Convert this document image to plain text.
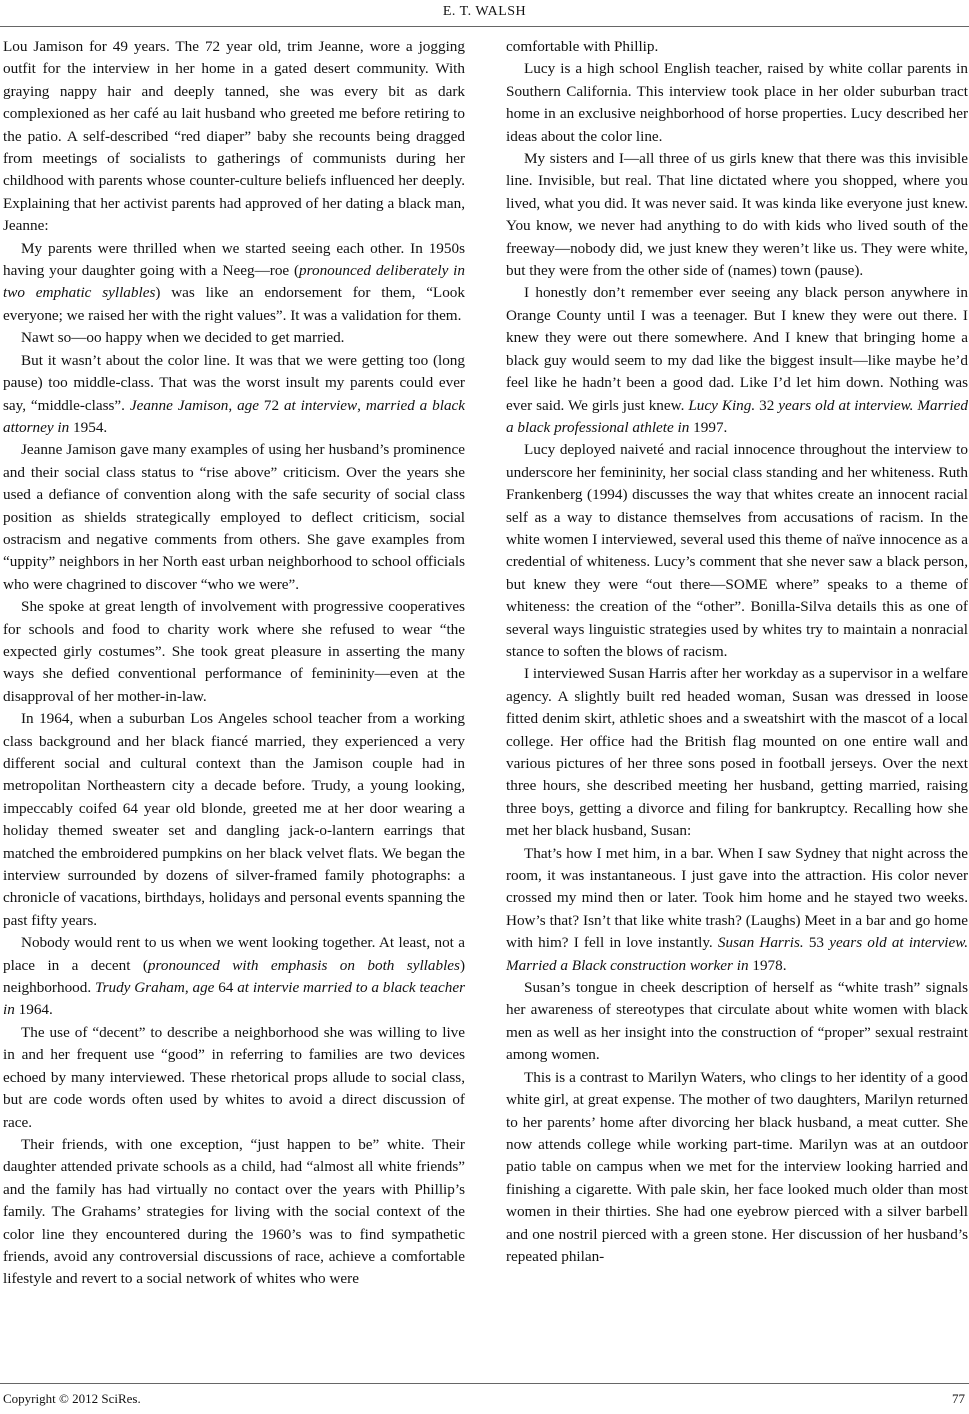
E. T. WALSH

Lou Jamison for 49 years. The 72 year old, trim Jeanne, wore a jogging outfit for the interview in her home in a gated desert community. With graying nappy hair and deeply tanned, she was every bit as dark complexioned as her café au lait husband who greeted me before retiring to the patio. A self-described “red diaper” baby she recounts being dragged from meetings of socialists to gatherings of communists during her childhood with parents whose counter-culture beliefs influenced her deeply. Explaining that her activist parents had approved of her dating a black man, Jeanne:

My parents were thrilled when we started seeing each other. In 1950s having your daughter going with a Neeg—roe (pronounced deliberately in two emphatic syllables) was like an endorsement for them, “Look everyone; we raised her with the right values”. It was a validation for them.

Nawt so—oo happy when we decided to get married.

But it wasn’t about the color line. It was that we were getting too (long pause) too middle-class. That was the worst insult my parents could ever say, “middle-class”. Jeanne Jamison, age 72 at interview, married a black attorney in 1954.

Jeanne Jamison gave many examples of using her husband’s prominence and their social class status to “rise above” criticism. Over the years she used a defiance of convention along with the safe security of social class position as shields strategically employed to deflect criticism, social ostracism and negative comments from others. She gave examples from “uppity” neighbors in her North east urban neighborhood to school officials who were chagrined to discover “who we were”.

She spoke at great length of involvement with progressive cooperatives for schools and food to charity work where she refused to wear “the expected girly costumes”. She took great pleasure in asserting the many ways she defied conventional performance of femininity—even at the disapproval of her mother-in-law.

In 1964, when a suburban Los Angeles school teacher from a working class background and her black fiancé married, they experienced a very different social and cultural context than the Jamison couple had in metropolitan Northeastern city a decade before. Trudy, a young looking, impeccably coifed 64 year old blonde, greeted me at her door wearing a holiday themed sweater set and dangling jack-o-lantern earrings that matched the embroidered pumpkins on her black velvet flats. We began the interview surrounded by dozens of silver-framed family photographs: a chronicle of vacations, birthdays, holidays and personal events spanning the past fifty years.

Nobody would rent to us when we went looking together. At least, not a place in a decent (pronounced with emphasis on both syllables) neighborhood. Trudy Graham, age 64 at intervie married to a black teacher in 1964.

The use of “decent” to describe a neighborhood she was willing to live in and her frequent use “good” in referring to families are two devices echoed by many interviewed. These rhetorical props allude to social class, but are code words often used by whites to avoid a direct discussion of race.

Their friends, with one exception, “just happen to be” white. Their daughter attended private schools as a child, had “almost all white friends” and the family has had virtually no contact over the years with Phillip’s family. The Grahams’ strategies for living with the social context of the color line they encountered during the 1960’s was to find sympathetic friends, avoid any controversial discussions of race, achieve a comfortable lifestyle and revert to a social network of whites who were

comfortable with Phillip.

Lucy is a high school English teacher, raised by white collar parents in Southern California. This interview took place in her older suburban tract home in an exclusive neighborhood of horse properties. Lucy described her ideas about the color line.

My sisters and I—all three of us girls knew that there was this invisible line. Invisible, but real. That line dictated where you shopped, where you lived, what you did. It was never said. It was kinda like everyone just knew. You know, we never had anything to do with kids who lived south of the freeway—nobody did, we just knew they weren’t like us. They were white, but they were from the other side of (names) town (pause).

I honestly don’t remember ever seeing any black person anywhere in Orange County until I was a teenager. But I knew they were out there. I knew they were out there somewhere. And I knew that bringing home a black guy would seem to my dad like the biggest insult—like maybe he’d feel like he hadn’t been a good dad. Like I’d let him down. Nothing was ever said. We girls just knew. Lucy King. 32 years old at interview. Married a black professional athlete in 1997.

Lucy deployed naiveté and racial innocence throughout the interview to underscore her femininity, her social class standing and her whiteness. Ruth Frankenberg (1994) discusses the way that whites create an innocent racial self as a way to distance themselves from accusations of racism. In the white women I interviewed, several used this theme of naïve innocence as a credential of whiteness. Lucy’s comment that she never saw a black person, but knew they were “out there—SOME where” speaks to a theme of whiteness: the creation of the “other”. Bonilla-Silva details this as one of several ways linguistic strategies used by whites try to maintain a nonracial stance to soften the blows of racism.

I interviewed Susan Harris after her workday as a supervisor in a welfare agency. A slightly built red headed woman, Susan was dressed in loose fitted denim skirt, athletic shoes and a sweatshirt with the mascot of a local college. Her office had the British flag mounted on one entire wall and various pictures of her three sons posed in football jerseys. Over the next three hours, she described meeting her husband, getting married, raising three boys, getting a divorce and filing for bankruptcy. Recalling how she met her black husband, Susan:

That’s how I met him, in a bar. When I saw Sydney that night across the room, it was instantaneous. I just gave into the attraction. His color never crossed my mind then or later. Took him home and he stayed two weeks. How’s that? Isn’t that like white trash? (Laughs) Meet in a bar and go home with him? I fell in love instantly. Susan Harris. 53 years old at interview. Married a Black construction worker in 1978.

Susan’s tongue in cheek description of herself as “white trash” signals her awareness of stereotypes that circulate about white women with black men as well as her insight into the construction of “proper” sexual restraint among women.

This is a contrast to Marilyn Waters, who clings to her identity of a good white girl, at great expense. The mother of two daughters, Marilyn returned to her parents’ home after divorcing her black husband, a meat cutter. She now attends college while working part-time. Marilyn was at an outdoor patio table on campus when we met for the interview looking harried and finishing a cigarette. With pale skin, her face looked much older than most women in their thirties. She had one eyebrow pierced with a silver barbell and one nostril pierced with a green stone. Her discussion of her husband’s repeated philan-

Copyright © 2012 SciRes.	77
